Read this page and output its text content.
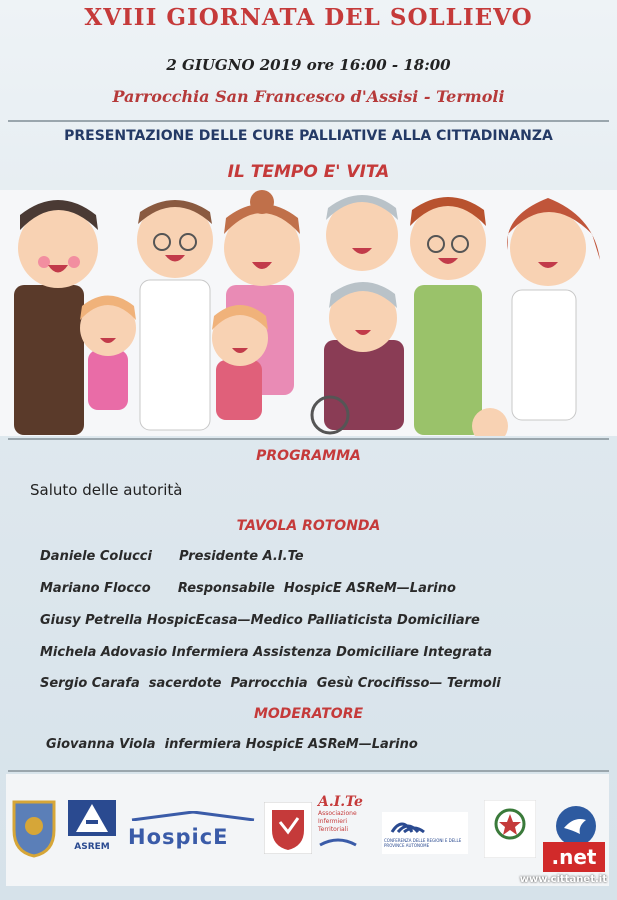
XVIII GIORNATA DEL SOLLIEVO
2 GIUGNO 2019 ore 16:00 - 18:00
Parrocchia San Francesco d'Assisi - Termoli
PRESENTAZIONE DELLE CURE PALLIATIVE ALLA CITTADINANZA
IL TEMPO E' VITA
PROGRAMMA
Saluto delle autorità
TAVOLA ROTONDA
Daniele Colucci      Presidente A.I.Te
Mariano Flocco      Responsabile  HospicE ASReM—Larino
Giusy Petrella HospicEcasa—Medico Palliaticista Domiciliare
Michela Adovasio Infermiera Assistenza Domiciliare Integrata
Sergio Carafa  sacerdote  Parrocchia  Gesù Crocifisso— Termoli
MODERATORE
Giovanna Viola  infermiera HospicE ASReM—Larino
ASREM HospicE
A.I.Te
Associazione Infermieri Territoriali
CONFERENZA DELLE REGIONI E DELLE PROVINCE AUTONOME	.net
www.cittanet.it
